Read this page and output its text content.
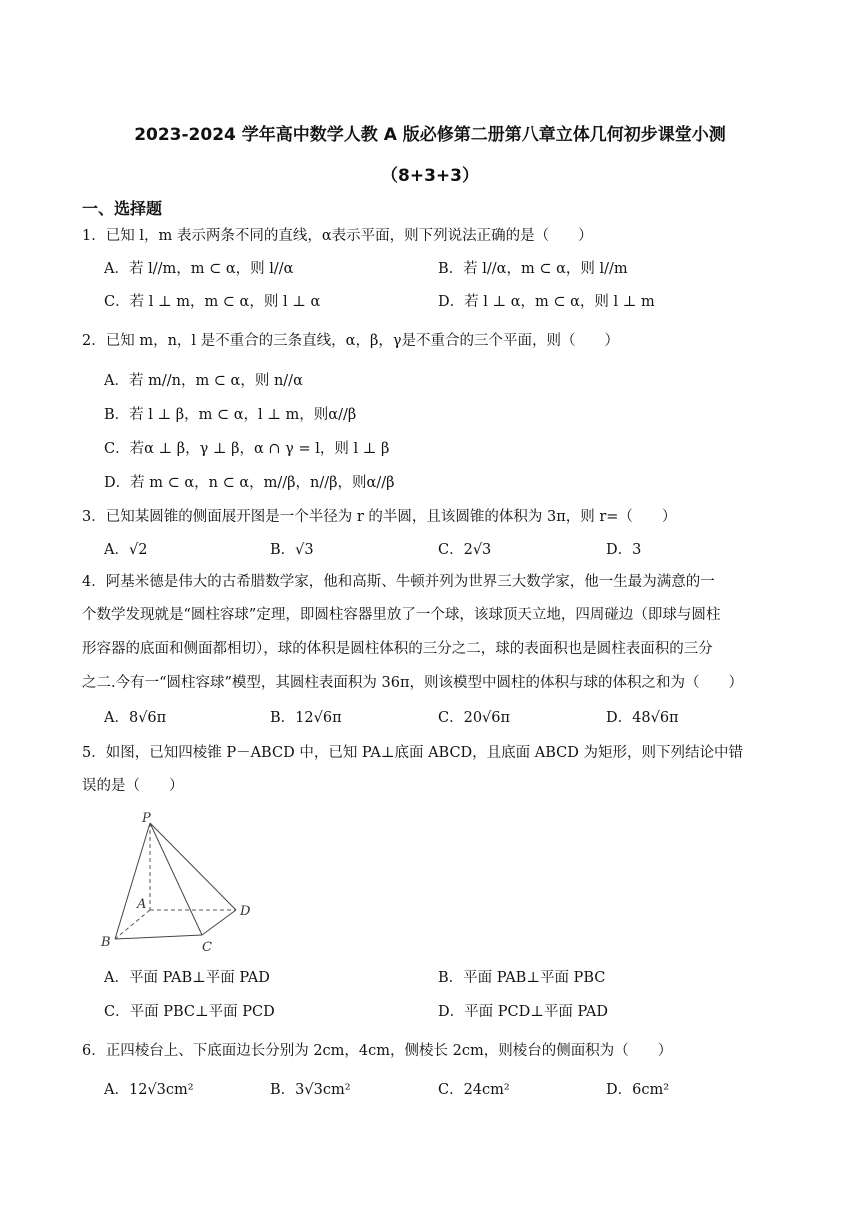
2023-2024 学年高中数学人教 A 版必修第二册第八章立体几何初步课堂小测
（8+3+3）
一、选择题
1．已知 l，m 表示两条不同的直线，α表示平面，则下列说法正确的是（　　）
A．若 l//m，m ⊂ α，则 l//α	B．若 l//α，m ⊂ α，则 l//m
C．若 l ⊥ m，m ⊂ α，则 l ⊥ α	D．若 l ⊥ α，m ⊂ α，则 l ⊥ m
2．已知 m，n，l 是不重合的三条直线，α，β，γ是不重合的三个平面，则（　　）
A．若 m//n，m ⊂ α，则 n//α
B．若 l ⊥ β，m ⊂ α，l ⊥ m，则α//β
C．若α ⊥ β，γ ⊥ β，α ∩ γ = l，则 l ⊥ β
D．若 m ⊂ α，n ⊂ α，m//β，n//β，则α//β
3．已知某圆锥的侧面展开图是一个半径为 r 的半圆，且该圆锥的体积为 3π，则 r=（　　）
A．√2	B．√3	C．2√3	D．3
4．阿基米德是伟大的古希腊数学家，他和高斯、牛顿并列为世界三大数学家，他一生最为满意的一
个数学发现就是“圆柱容球”定理，即圆柱容器里放了一个球，该球顶天立地，四周碰边（即球与圆柱
形容器的底面和侧面都相切），球的体积是圆柱体积的三分之二，球的表面积也是圆柱表面积的三分
之二.今有一“圆柱容球”模型，其圆柱表面积为 36π，则该模型中圆柱的体积与球的体积之和为（　　）
A．8√6π	B．12√6π	C．20√6π	D．48√6π
5．如图，已知四棱锥 P－ABCD 中，已知 PA⊥底面 ABCD，且底面 ABCD 为矩形，则下列结论中错
误的是（　　）
P
A
B	C
D
A．平面 PAB⊥平面 PAD	B．平面 PAB⊥平面 PBC
C．平面 PBC⊥平面 PCD	D．平面 PCD⊥平面 PAD
6．正四棱台上、下底面边长分别为 2cm，4cm，侧棱长 2cm，则棱台的侧面积为（　　）
A．12√3cm²	B．3√3cm²	C．24cm²	D．6cm²
